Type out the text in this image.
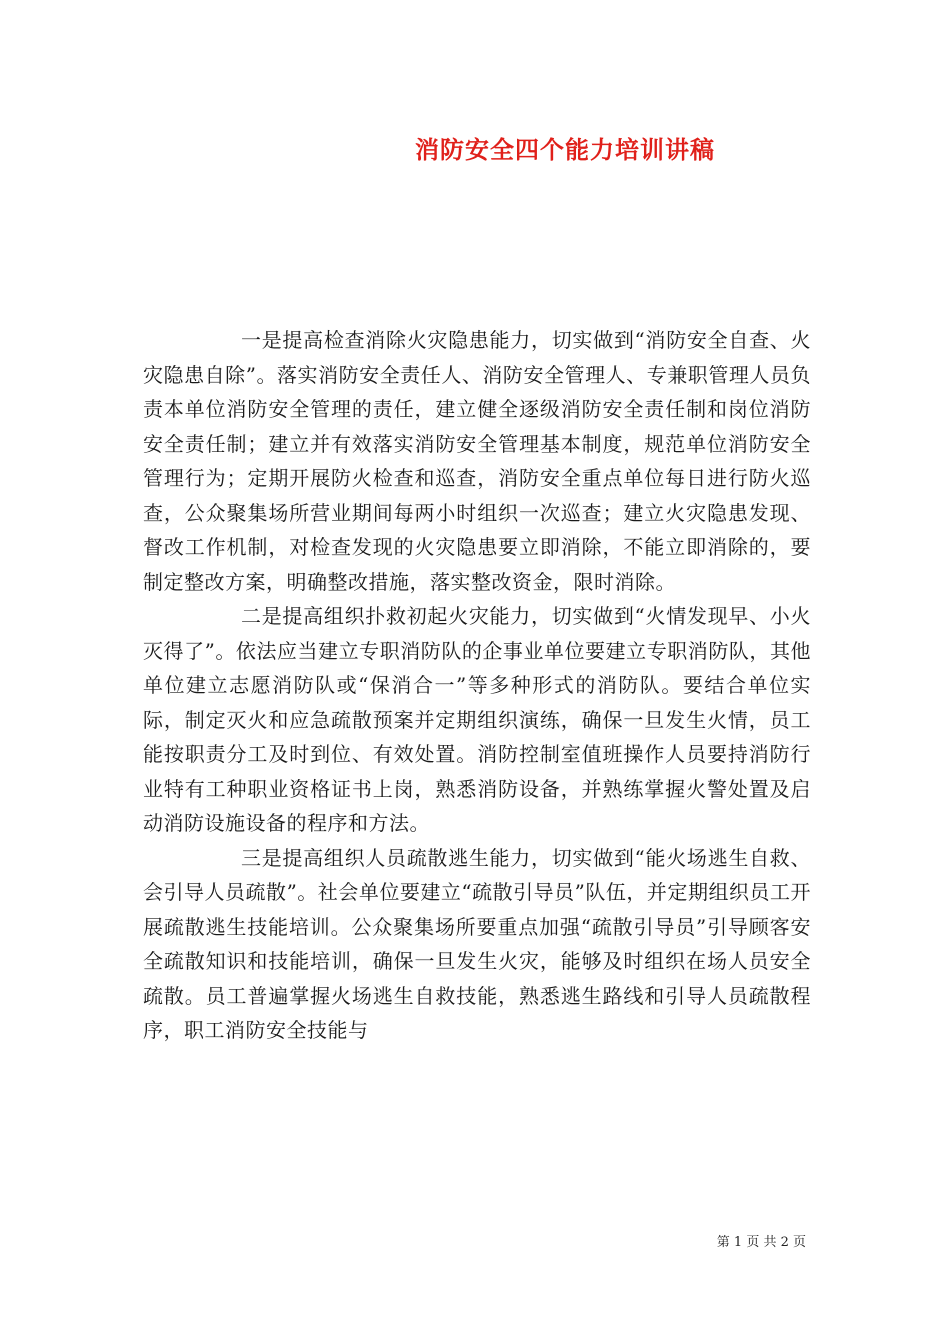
消防安全四个能力培训讲稿

一是提高检查消除火灾隐患能力，切实做到“消防安全自查、火灾隐患自除”。落实消防安全责任人、消防安全管理人、专兼职管理人员负责本单位消防安全管理的责任，建立健全逐级消防安全责任制和岗位消防安全责任制；建立并有效落实消防安全管理基本制度，规范单位消防安全管理行为；定期开展防火检查和巡查，消防安全重点单位每日进行防火巡查，公众聚集场所营业期间每两小时组织一次巡查；建立火灾隐患发现、督改工作机制，对检查发现的火灾隐患要立即消除，不能立即消除的，要制定整改方案，明确整改措施，落实整改资金，限时消除。

二是提高组织扑救初起火灾能力，切实做到“火情发现早、小火灭得了”。依法应当建立专职消防队的企事业单位要建立专职消防队，其他单位建立志愿消防队或“保消合一”等多种形式的消防队。要结合单位实际，制定灭火和应急疏散预案并定期组织演练，确保一旦发生火情，员工能按职责分工及时到位、有效处置。消防控制室值班操作人员要持消防行业特有工种职业资格证书上岗，熟悉消防设备，并熟练掌握火警处置及启动消防设施设备的程序和方法。

三是提高组织人员疏散逃生能力，切实做到“能火场逃生自救、会引导人员疏散”。社会单位要建立“疏散引导员”队伍，并定期组织员工开展疏散逃生技能培训。公众聚集场所要重点加强“疏散引导员”引导顾客安全疏散知识和技能培训，确保一旦发生火灾，能够及时组织在场人员安全疏散。员工普遍掌握火场逃生自救技能，熟悉逃生路线和引导人员疏散程序，职工消防安全技能与

第 1 页 共 2 页
